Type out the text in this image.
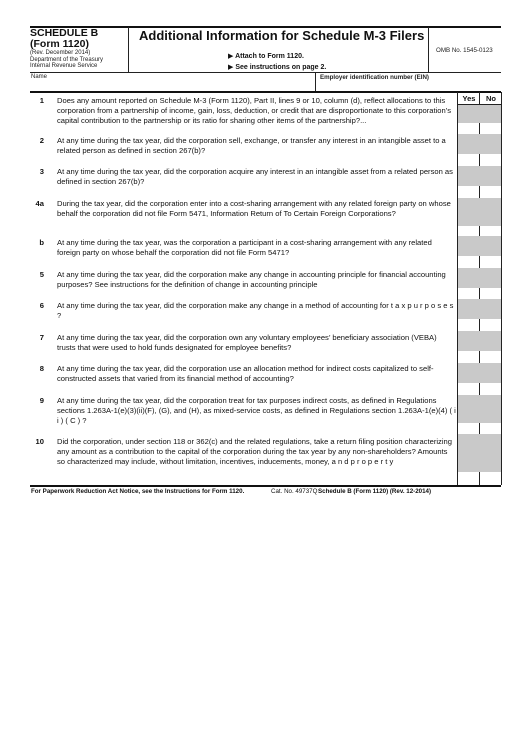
SCHEDULE B
(Form 1120)
(Rev. December 2014)
Department of the Treasury
Internal Revenue Service
Additional Information for Schedule M-3 Filers
▶ Attach to Form 1120.
▶ See instructions on page 2.
OMB No. 1545-0123
Name	Employer identification number (EIN)
Yes	No
1 Does any amount reported on Schedule M-3 (Form 1120), Part II, lines 9 or 10, column (d), reflect allocations to this corporation from a partnership of income, gain, loss, deduction, or credit that are disproportionate to this corporation’s capital contribution to the partnership or its ratio for sharing other items of the partnership?...
2 At any time during the tax year, did the corporation sell, exchange, or transfer any interest in an intangible asset to a related person as defined in section 267(b)?
3 At any time during the tax year, did the corporation acquire any interest in an intangible asset from a related person as defined in section 267(b)?
4a During the tax year, did the corporation enter into a cost-sharing arrangement with any related foreign party on whose behalf the corporation did not file Form 5471, Information Return of To Certain Foreign Corporations?
b At any time during the tax year, was the corporation a participant in a cost-sharing arrangement with any related foreign party on whose behalf the corporation did not file Form 5471?
5 At any time during the tax year, did the corporation make any change in accounting principle for financial accounting purposes? See instructions for the definition of change in accounting principle
6 At any time during the tax year, did the corporation make any change in a method of accounting for t a x p u r p o s e s ?
7 At any time during the tax year, did the corporation own any voluntary employees’ beneficiary association (VEBA) trusts that were used to hold funds designated for employee benefits?
8 At any time during the tax year, did the corporation use an allocation method for indirect costs capitalized to self-constructed assets that varied from its financial method of accounting?
9 At any time during the tax year, did the corporation treat for tax purposes indirect costs, as defined in Regulations sections 1.263A-1(e)(3)(ii)(F), (G), and (H), as mixed-service costs, as defined in Regulations section 1.263A-1(e)(4) ( i i ) ( C ) ?
10 Did the corporation, under section 118 or 362(c) and the related regulations, take a return filing position characterizing any amount as a contribution to the capital of the corporation during the tax year by any non-shareholders? Amounts so characterized may include, without limitation, incentives, inducements, money, a n d p r o p e r t y
For Paperwork Reduction Act Notice, see the Instructions for Form 1120.	Cat. No. 49737Q Schedule B (Form 1120) (Rev. 12-2014)
